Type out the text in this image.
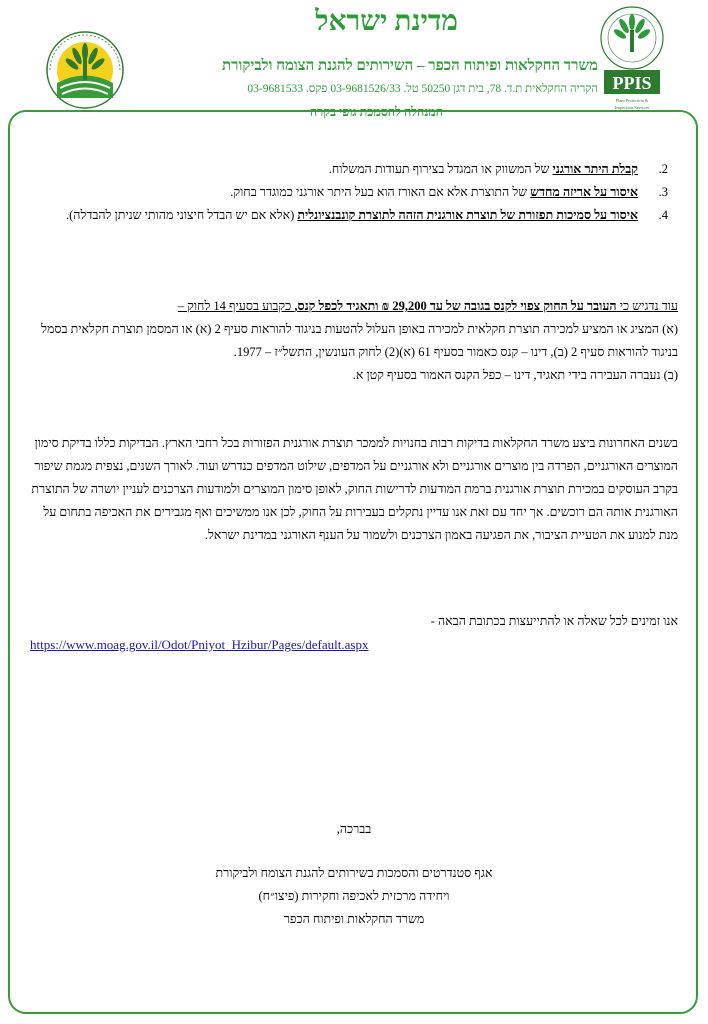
מדינת ישראל
משרד החקלאות ופיתוח הכפר – השירותים להגנת הצומח ולביקורת
הקריה החקלאית ת.ד. 78, בית דגן 50250 טל. 03-9681526/33 פקס. 03-9681533
המנהלה להסמכת גופי בקרה
PPIS
Plant Protection &
Inspection Services
2.
קבלת היתר אורגני של המשווק או המגדל בצירוף תעודות המשלוח.
3.
איסור על אריזה מחדש של התוצרת אלא אם האורז הוא בעל היתר אורגני כמוגדר בחוק.
4.
איסור על סמיכות תפזורת של תוצרת אורגנית הזהה לתוצרת קונבנציונלית (אלא אם יש הבדל חיצוני מהותי שניתן להבדלה).
עוד נדגיש כי העובר על החוק צפוי לקנס בגובה של עד 29,200 ₪ ותאגיד לכפל קנס, כקבוע בסעיף 14 לחוק –
(א) המציג או המציע למכירה תוצרת חקלאית למכירה באופן העלול להטעות בניגוד להוראות סעיף 2 (א) או המסמן תוצרת חקלאית בסמל בניגוד להוראות סעיף 2 (ב), דינו – קנס כאמור בסעיף 61 (א)(2) לחוק העונשין, התשל״ז – 1977.
(ב) נעברה העבירה בידי תאגיד, דינו – כפל הקנס האמור בסעיף קטן א.
בשנים האחרונות ביצע משרד החקלאות בדיקות רבות בחנויות לממכר תוצרת אורגנית הפזורות בכל רחבי הארץ. הבדיקות כללו בדיקת סימון המוצרים האורגניים, הפרדה בין מוצרים אורגניים ולא אורגניים על המדפים, שילוט המדפים כנדרש ועוד. לאורך השנים, נצפית מגמת שיפור בקרב העוסקים במכירת תוצרת אורגנית ברמת המודעות לדרישות החוק, לאופן סימון המוצרים ולמודעות הצרכנים לעניין יושרה של התוצרת האורגנית אותה הם רוכשים. אך יחד עם זאת אנו עדיין נתקלים בעבירות על החוק, לכן אנו ממשיכים ואף מגבירים את האכיפה בתחום על מנת למנוע את הטעיית הציבור, את הפגיעה באמון הצרכנים ולשמור על הענף האורגני במדינת ישראל.
אנו זמינים לכל שאלה או להתייעצות בכתובת הבאה -
https://www.moag.gov.il/Odot/Pniyot_Hzibur/Pages/default.aspx
בברכה,
אגף סטנדרטים והסמכות בשירותים להגנת הצומח ולביקורת
ויחידה מרכזית לאכיפה וחקירות (פיצו״ח)
משרד החקלאות ופיתוח הכפר
